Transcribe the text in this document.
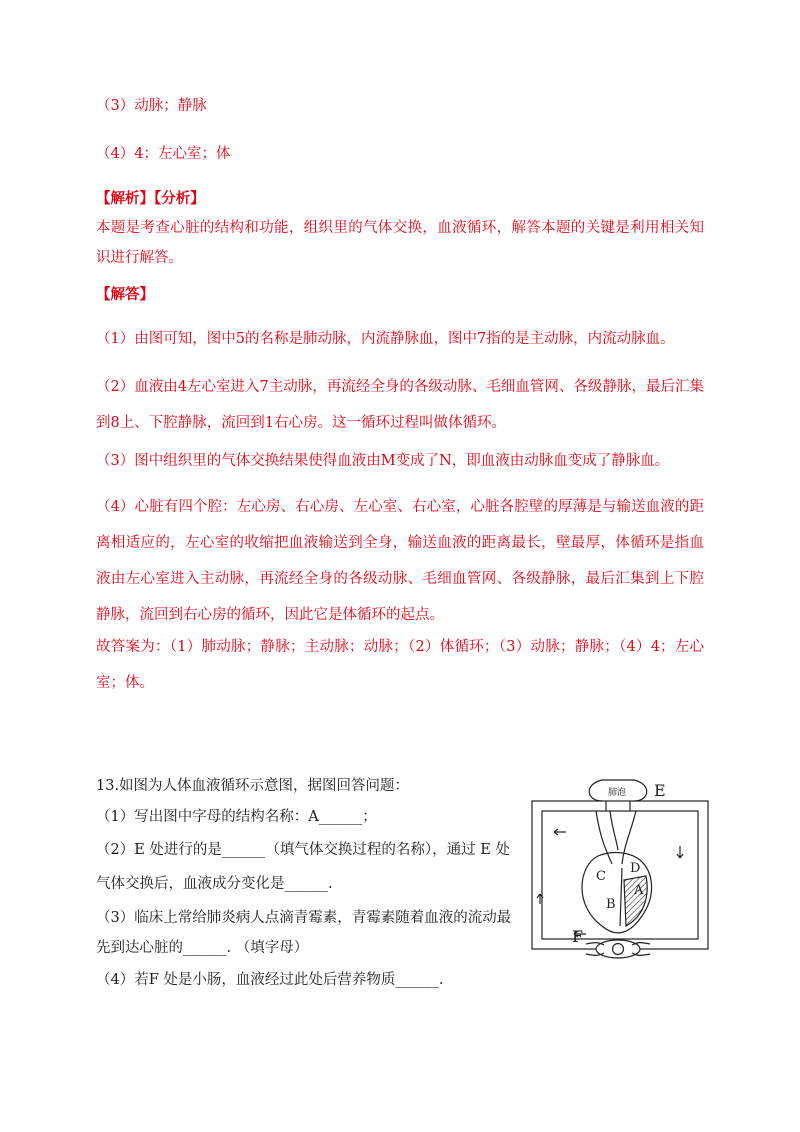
（3）动脉；静脉
（4）4；左心室；体
【解析】【分析】
本题是考查心脏的结构和功能，组织里的气体交换，血液循环，解答本题的关键是利用相关知识进行解答。
【解答】
（1）由图可知，图中5的名称是肺动脉，内流静脉血，图中7指的是主动脉，内流动脉血。
（2）血液由4左心室进入7主动脉，再流经全身的各级动脉、毛细血管网、各级静脉，最后汇集到8上、下腔静脉，流回到1右心房。这一循环过程叫做体循环。
（3）图中组织里的气体交换结果使得血液由M变成了N，即血液由动脉血变成了静脉血。
（4）心脏有四个腔：左心房、右心房、左心室、右心室，心脏各腔壁的厚薄是与输送血液的距离相适应的，左心室的收缩把血液输送到全身，输送血液的距离最长，壁最厚，体循环是指血液由左心室进入主动脉，再流经全身的各级动脉、毛细血管网、各级静脉，最后汇集到上下腔静脉，流回到右心房的循环，因此它是体循环的起点。
故答案为：（1）肺动脉；静脉；主动脉；动脉；（2）体循环；（3）动脉；静脉；（4）4；左心室；体。
13.如图为人体血液循环示意图，据图回答问题：
（1）写出图中字母的结构名称：A______；
（2）E 处进行的是______（填气体交换过程的名称），通过 E 处
气体交换后，血液成分变化是______.
（3）临床上常给肺炎病人点滴青霉素，青霉素随着血液的流动最
先到达心脏的______. （填字母）
（4）若F 处是小肠，血液经过此处后营养物质______.
肺泡 E
F
A
B
C
D
